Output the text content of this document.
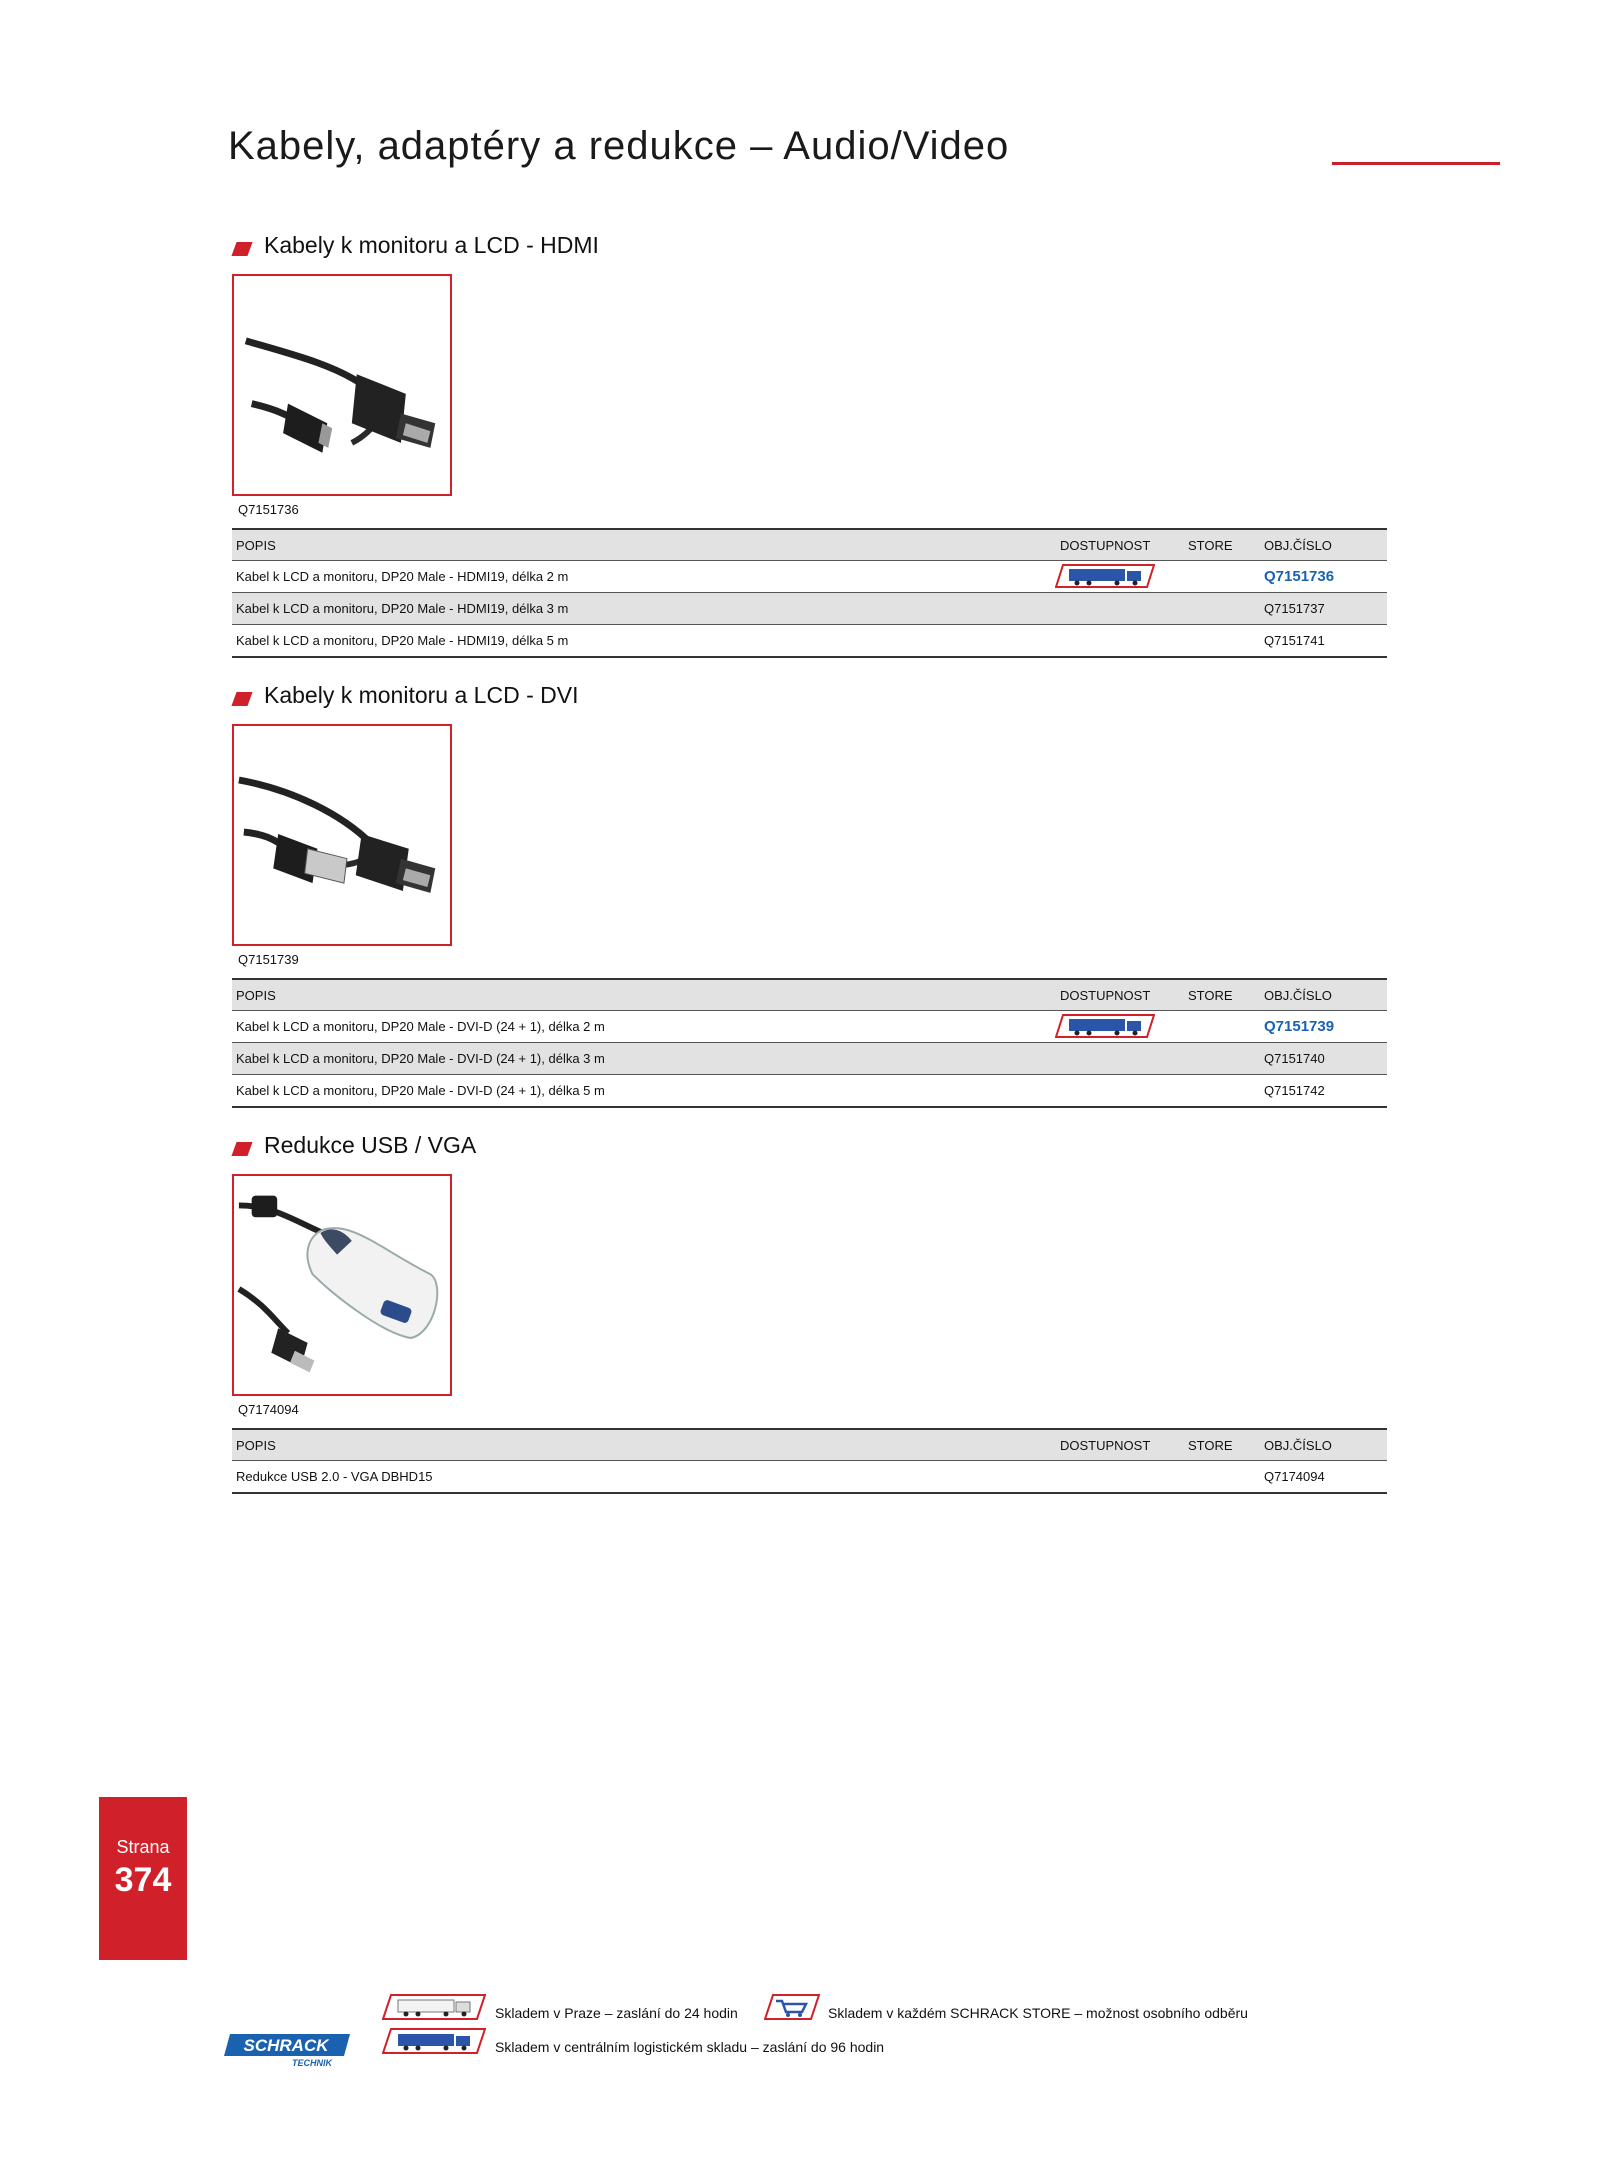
Kabely, adaptéry a redukce – Audio/Video
Kabely k monitoru a LCD - HDMI
Q7151736
POPIS	DOSTUPNOST	STORE OBJ.ČÍSLO
Kabel k LCD a monitoru, DP20 Male - HDMI19, délka 2 m	Q7151736
Kabel k LCD a monitoru, DP20 Male - HDMI19, délka 3 m	Q7151737
Kabel k LCD a monitoru, DP20 Male - HDMI19, délka 5 m	Q7151741
Kabely k monitoru a LCD - DVI
Q7151739
POPIS	DOSTUPNOST	STORE OBJ.ČÍSLO
Kabel k LCD a monitoru, DP20 Male - DVI-D (24 + 1), délka 2 m	Q7151739
Kabel k LCD a monitoru, DP20 Male - DVI-D (24 + 1), délka 3 m	Q7151740
Kabel k LCD a monitoru, DP20 Male - DVI-D (24 + 1), délka 5 m	Q7151742
Redukce USB / VGA
Q7174094
POPIS	DOSTUPNOST	STORE OBJ.ČÍSLO
Redukce USB 2.0 - VGA DBHD15	Q7174094
Strana
374
Skladem v Praze – zaslání do 24 hodin	Skladem v každém SCHRACK STORE – možnost osobního odběru
Skladem v centrálním logistickém skladu – zaslání do 96 hodin
SCHRACK
TECHNIK
